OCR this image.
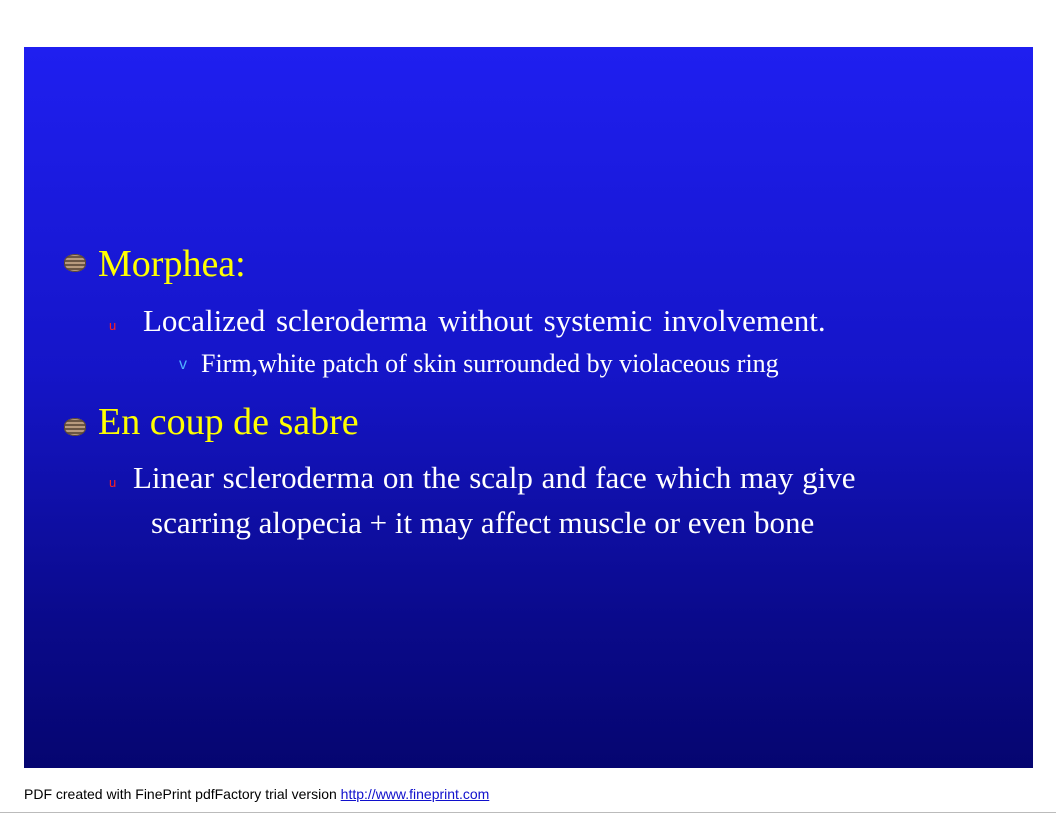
Morphea:
u Localized scleroderma without systemic involvement.
v Firm,white patch of skin surrounded by violaceous ring
En coup de sabre
u Linear scleroderma on the scalp and face which may give
scarring alopecia + it may affect muscle or even bone
PDF created with FinePrint pdfFactory trial version http://www.fineprint.com
